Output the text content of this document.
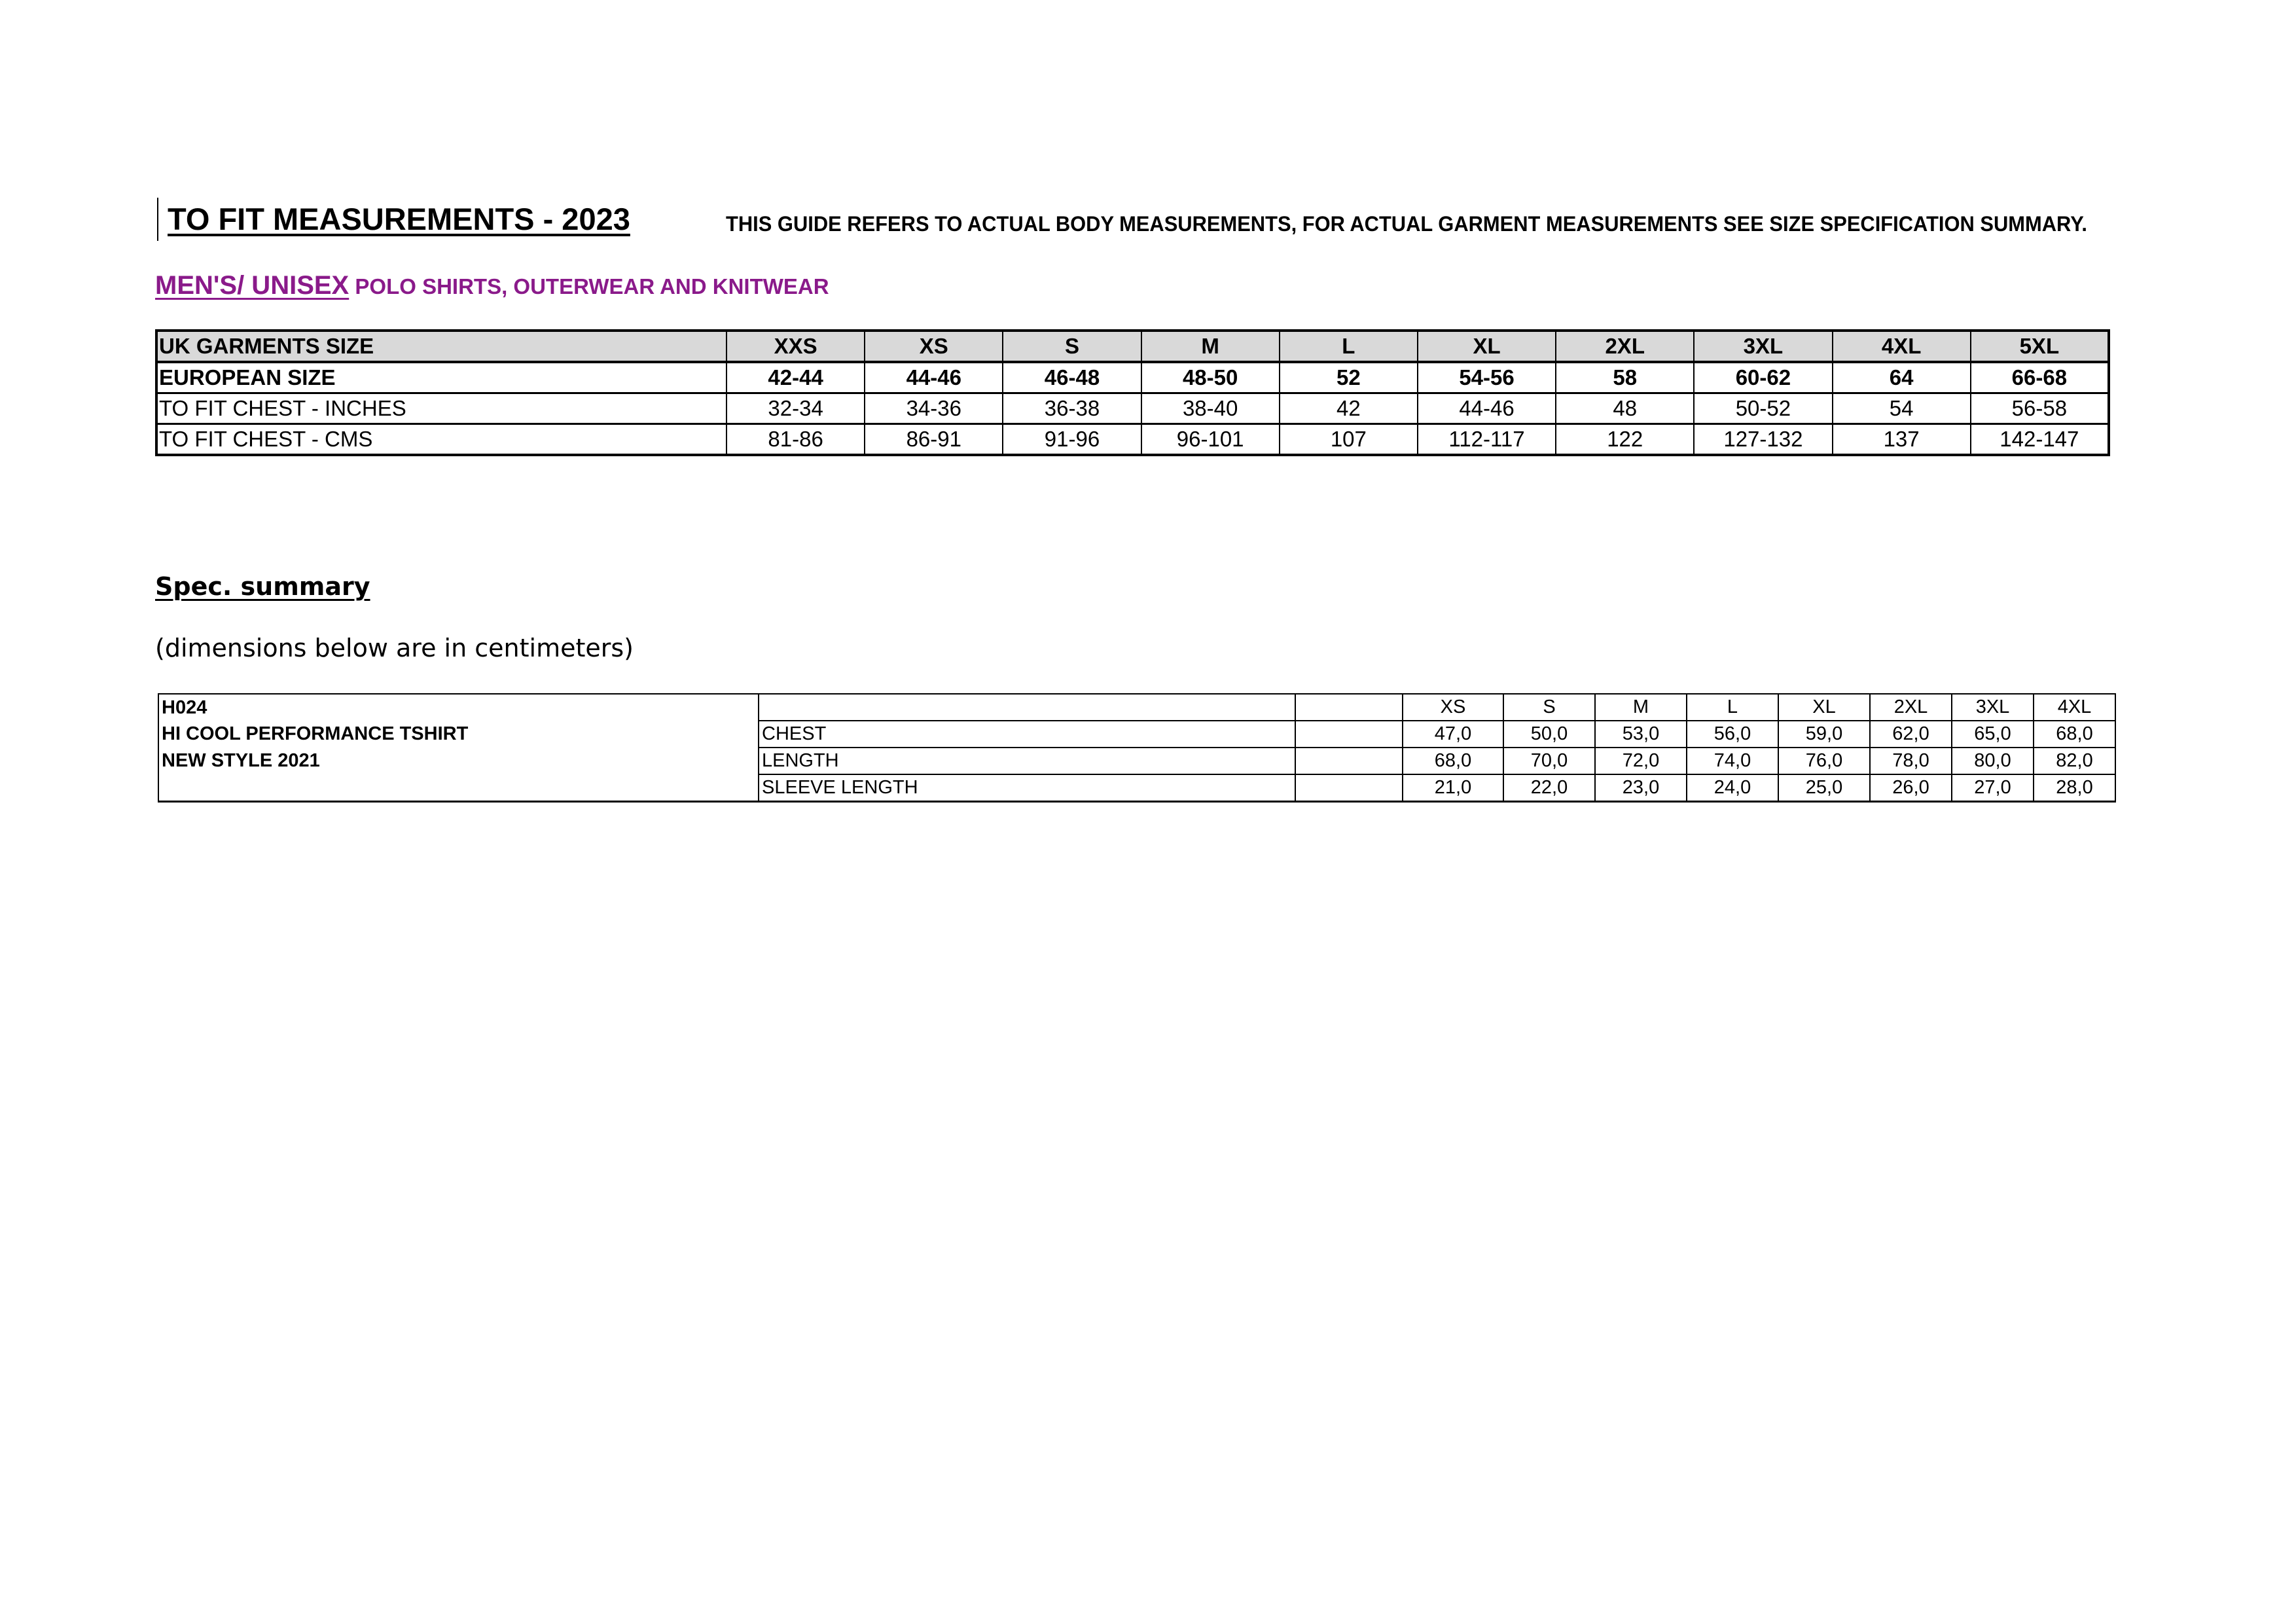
TO FIT MEASUREMENTS - 2023	THIS GUIDE REFERS TO ACTUAL BODY MEASUREMENTS, FOR ACTUAL GARMENT MEASUREMENTS SEE SIZE SPECIFICATION SUMMARY.
MEN'S/ UNISEX POLO SHIRTS, OUTERWEAR AND KNITWEAR
UK GARMENTS SIZE	XXS	XS	S	M	L	XL	2XL	3XL	4XL	5XL
EUROPEAN SIZE	42-44	44-46	46-48	48-50	52	54-56	58	60-62	64	66-68
TO FIT CHEST - INCHES	32-34	34-36	36-38	38-40	42	44-46	48	50-52	54	56-58
TO FIT CHEST - CMS	81-86	86-91	91-96	96-101	107	112-117	122	127-132	137	142-147
Spec. summary
(dimensions below are in centimeters)
H024			XS	S	M	L	XL	2XL	3XL	4XL
HI COOL PERFORMANCE TSHIRT	CHEST		47,0	50,0	53,0	56,0	59,0	62,0	65,0	68,0
NEW STYLE 2021	LENGTH		68,0	70,0	72,0	74,0	76,0	78,0	80,0	82,0
	SLEEVE LENGTH		21,0	22,0	23,0	24,0	25,0	26,0	27,0	28,0
